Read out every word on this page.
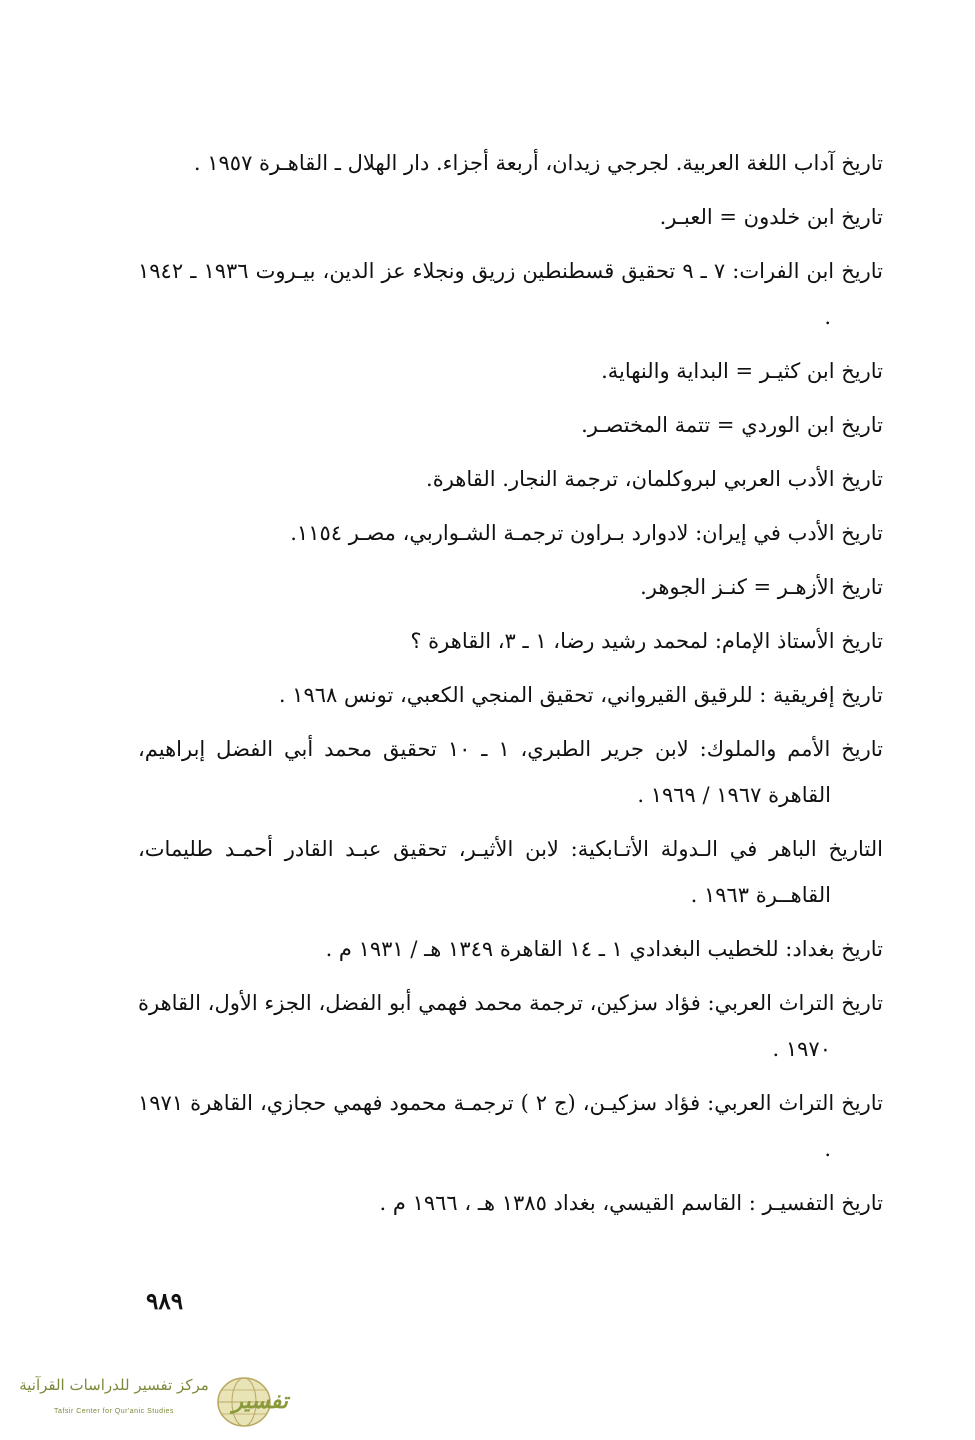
تاريخ آداب اللغة العربية. لجرجي زيدان، أربعة أجزاء. دار الهلال ـ القاهـرة ١٩٥٧ .

تاريخ ابن خلدون = العبـر.

تاريخ ابن الفرات: ٧ ـ ٩ تحقيق قسطنطين زريق ونجلاء عز الدين، بيـروت ١٩٣٦ ـ ١٩٤٢ .

تاريخ ابن كثيـر = البداية والنهاية.

تاريخ ابن الوردي = تتمة المختصـر.

تاريخ الأدب العربي لبروكلمان، ترجمة النجار. القاهرة.

تاريخ الأدب في إيران: لادوارد بـراون ترجمـة الشـواربي، مصـر ١١٥٤.

تاريخ الأزهـر = كنـز الجوهر.

تاريخ الأستاذ الإمام: لمحمد رشيد رضا، ١ ـ ٣، القاهرة ؟

تاريخ إفريقية : للرقيق القيرواني، تحقيق المنجي الكعبي، تونس ١٩٦٨ .

تاريخ الأمم والملوك: لابن جرير الطبري، ١ ـ ١٠ تحقيق محمد أبي الفضل إبراهيم، القاهرة ١٩٦٧ / ١٩٦٩ .

التاريخ الباهر في الـدولة الأتـابكية: لابن الأثيـر، تحقيق عبـد القادر أحمـد طليمات، القاهــرة ١٩٦٣ .

تاريخ بغداد: للخطيب البغدادي ١ ـ ١٤ القاهرة ١٣٤٩ هـ / ١٩٣١ م .

تاريخ التراث العربي: فؤاد سزكين، ترجمة محمد فهمي أبو الفضل، الجزء الأول، القاهرة ١٩٧٠ .

تاريخ التراث العربي: فؤاد سزكيـن، (ج ٢ ) ترجمـة محمود فهمي حجازي، القاهرة ١٩٧١ .

تاريخ التفسيـر : القاسم القيسي، بغداد ١٣٨٥ هـ ، ١٩٦٦ م .

٩٨٩
مركز تفسير للدراسات القرآنية
Tafsir Center for Qur'anic Studies	تفسير
